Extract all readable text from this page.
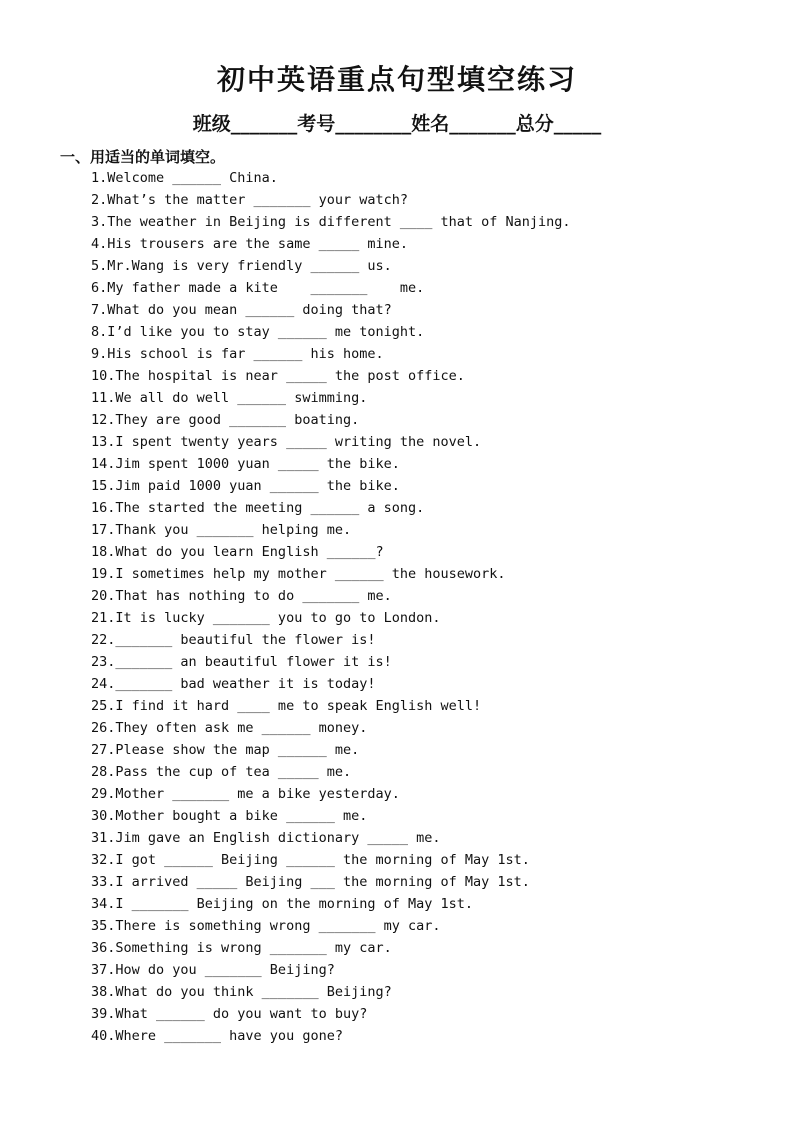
初中英语重点句型填空练习
班级_______考号________姓名_______总分_____
一、用适当的单词填空。
1.Welcome ______ China.
2.What’s the matter _______ your watch?
3.The weather in Beijing is different ____ that of Nanjing.
4.His trousers are the same _____ mine.
5.Mr.Wang is very friendly ______ us.
6.My father made a kite    _______    me.
7.What do you mean ______ doing that?
8.I’d like you to stay ______ me tonight.
9.His school is far ______ his home.
10.The hospital is near _____ the post office.
11.We all do well ______ swimming.
12.They are good _______ boating.
13.I spent twenty years _____ writing the novel.
14.Jim spent 1000 yuan _____ the bike.
15.Jim paid 1000 yuan ______ the bike.
16.The started the meeting ______ a song.
17.Thank you _______ helping me.
18.What do you learn English ______?
19.I sometimes help my mother ______ the housework.
20.That has nothing to do _______ me.
21.It is lucky _______ you to go to London.
22._______ beautiful the flower is!
23._______ an beautiful flower it is!
24._______ bad weather it is today!
25.I find it hard ____ me to speak English well!
26.They often ask me ______ money.
27.Please show the map ______ me.
28.Pass the cup of tea _____ me.
29.Mother _______ me a bike yesterday.
30.Mother bought a bike ______ me.
31.Jim gave an English dictionary _____ me.
32.I got ______ Beijing ______ the morning of May 1st.
33.I arrived _____ Beijing ___ the morning of May 1st.
34.I _______ Beijing on the morning of May 1st.
35.There is something wrong _______ my car.
36.Something is wrong _______ my car.
37.How do you _______ Beijing?
38.What do you think _______ Beijing?
39.What ______ do you want to buy?
40.Where _______ have you gone?
